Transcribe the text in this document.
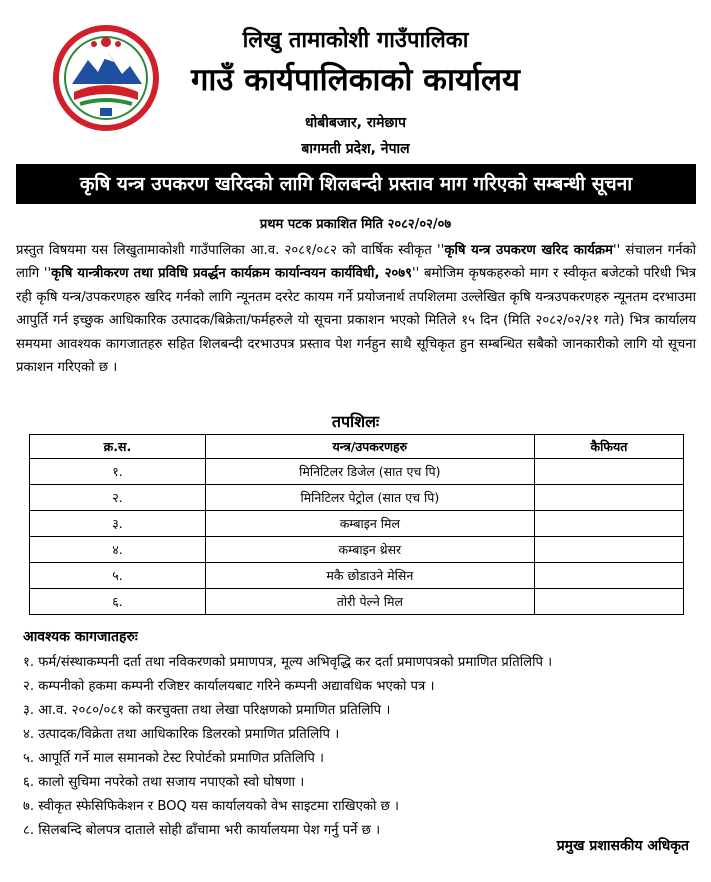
लिखु तामाकोशी गाउँपालिका
गाउँ कार्यपालिकाको कार्यालय
धोबीबजार, रामेछाप
बागमती प्रदेश, नेपाल
कृषि यन्त्र उपकरण खरिदको लागि शिलबन्दी प्रस्ताव माग गरिएको सम्बन्धी सूचना
प्रथम पटक प्रकाशित मिति २०८२/०२/०७
प्रस्तुत विषयमा यस लिखुतामाकोशी गाउँपालिका आ.व. २०८१/०८२ को वार्षिक स्वीकृत ''कृषि यन्त्र उपकरण खरिद कार्यक्रम'' संचालन गर्नको लागि ''कृषि यान्त्रीकरण तथा प्रविधि प्रवर्द्धन कार्यक्रम कार्यान्वयन कार्यविधी, २०७९'' बमोजिम कृषकहरुको माग र स्वीकृत बजेटको परिधी भित्र रही कृषि यन्त्र/उपकरणहरु खरिद गर्नको लागि न्यूनतम दररेट कायम गर्ने प्रयोजनार्थ तपशिलमा उल्लेखित कृषि यन्त्रउपकरणहरु न्यूनतम दरभाउमा आपुर्ति गर्न इच्छुक आधिकारिक उत्पादक/बिक्रेता/फर्महरुले यो सूचना प्रकाशन भएको मितिले १५ दिन (मिति २०८२/०२/२१ गते) भित्र कार्यालय समयमा आवश्यक कागजातहरु सहित शिलबन्दी दरभाउपत्र प्रस्ताव पेश गर्नहुन साथै सूचिकृत हुन सम्बन्धित सबैको जानकारीको लागि यो सूचना प्रकाशन गरिएको छ ।
तपशिलः
क्र.स.	यन्त्र/उपकरणहरु	कैफियत
१.	मिनिटिलर डिजेल (सात एच पि)	
२.	मिनिटिलर पेट्रोल (सात एच पि)	
३.	कम्बाइन मिल	
४.	कम्बाइन थ्रेसर	
५.	मकै छोडाउने मेसिन	
६.	तोरी पेल्ने मिल	
आवश्यक कागजातहरुः
१. फर्म/संस्थाकम्पनी दर्ता तथा नविकरणको प्रमाणपत्र, मूल्य अभिवृद्धि कर दर्ता प्रमाणपत्रको प्रमाणित प्रतिलिपि ।
२. कम्पनीको हकमा कम्पनी रजिष्टर कार्यालयबाट गरिने कम्पनी अद्यावधिक भएको पत्र ।
३. आ.व. २०८०/०८१ को करचुक्ता तथा लेखा परिक्षणको प्रमाणित प्रतिलिपि ।
४. उत्पादक/विक्रेता तथा आधिकारिक डिलरको प्रमाणित प्रतिलिपि ।
५. आपूर्ति गर्ने माल समानको टेस्ट रिपोर्टको प्रमाणित प्रतिलिपि ।
६. कालो सुचिमा नपरेको तथा सजाय नपाएको स्वो घोषणा ।
७. स्वीकृत स्फेसिफिकेशन र BOQ यस कार्यालयको वेभ साइटमा राखिएको छ ।
८. सिलबन्दि बोलपत्र दाताले सोही ढाँचामा भरी कार्यालयमा पेश गर्नु पर्ने छ ।
प्रमुख प्रशासकीय अधिकृत
